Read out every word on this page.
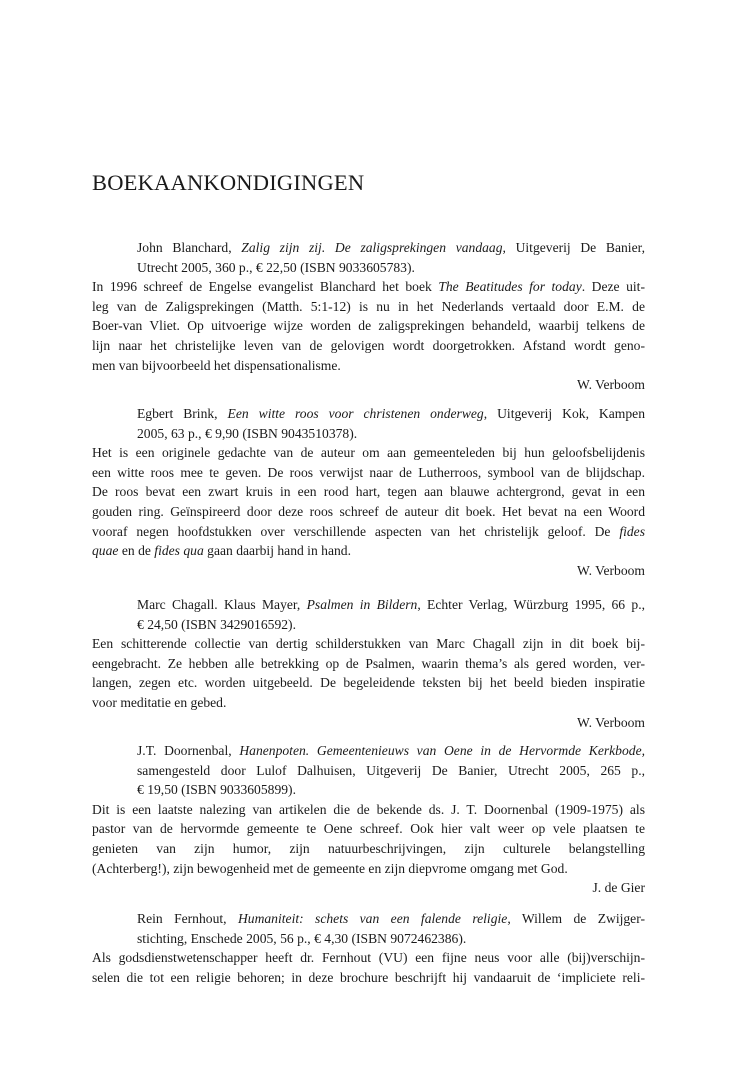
BOEKAANKONDIGINGEN
John Blanchard, Zalig zijn zij. De zaligsprekingen vandaag, Uitgeverij De Banier,
Utrecht 2005, 360 p., € 22,50 (ISBN 9033605783).
In 1996 schreef de Engelse evangelist Blanchard het boek The Beatitudes for today. Deze uit-
leg van de Zaligsprekingen (Matth. 5:1-12) is nu in het Nederlands vertaald door E.M. de
Boer-van Vliet. Op uitvoerige wijze worden de zaligsprekingen behandeld, waarbij telkens de
lijn naar het christelijke leven van de gelovigen wordt doorgetrokken. Afstand wordt geno-
men van bijvoorbeeld het dispensationalisme.
W. Verboom
Egbert Brink, Een witte roos voor christenen onderweg, Uitgeverij Kok, Kampen
2005, 63 p., € 9,90 (ISBN 9043510378).
Het is een originele gedachte van de auteur om aan gemeenteleden bij hun geloofsbelijdenis
een witte roos mee te geven. De roos verwijst naar de Lutherroos, symbool van de blijdschap.
De roos bevat een zwart kruis in een rood hart, tegen aan blauwe achtergrond, gevat in een
gouden ring. Geïnspireerd door deze roos schreef de auteur dit boek. Het bevat na een Woord
vooraf negen hoofdstukken over verschillende aspecten van het christelijk geloof. De fides
quae en de fides qua gaan daarbij hand in hand.
W. Verboom
Marc Chagall. Klaus Mayer, Psalmen in Bildern, Echter Verlag, Würzburg 1995, 66 p.,
€ 24,50 (ISBN 3429016592).
Een schitterende collectie van dertig schilderstukken van Marc Chagall zijn in dit boek bij-
eengebracht. Ze hebben alle betrekking op de Psalmen, waarin thema’s als gered worden, ver-
langen, zegen etc. worden uitgebeeld. De begeleidende teksten bij het beeld bieden inspiratie
voor meditatie en gebed.
W. Verboom
J.T. Doornenbal, Hanenpoten. Gemeentenieuws van Oene in de Hervormde Kerkbode,
samengesteld door Lulof Dalhuisen, Uitgeverij De Banier, Utrecht 2005, 265 p.,
€ 19,50 (ISBN 9033605899).
Dit is een laatste nalezing van artikelen die de bekende ds. J. T. Doornenbal (1909-1975) als
pastor van de hervormde gemeente te Oene schreef. Ook hier valt weer op vele plaatsen te
genieten van zijn humor, zijn natuurbeschrijvingen, zijn culturele belangstelling
(Achterberg!), zijn bewogenheid met de gemeente en zijn diepvrome omgang met God.
J. de Gier
Rein Fernhout, Humaniteit: schets van een falende religie, Willem de Zwijger-
stichting, Enschede 2005, 56 p., € 4,30 (ISBN 9072462386).
Als godsdienstwetenschapper heeft dr. Fernhout (VU) een fijne neus voor alle (bij)verschijn-
selen die tot een religie behoren; in deze brochure beschrijft hij vandaaruit de ‘impliciete reli-
